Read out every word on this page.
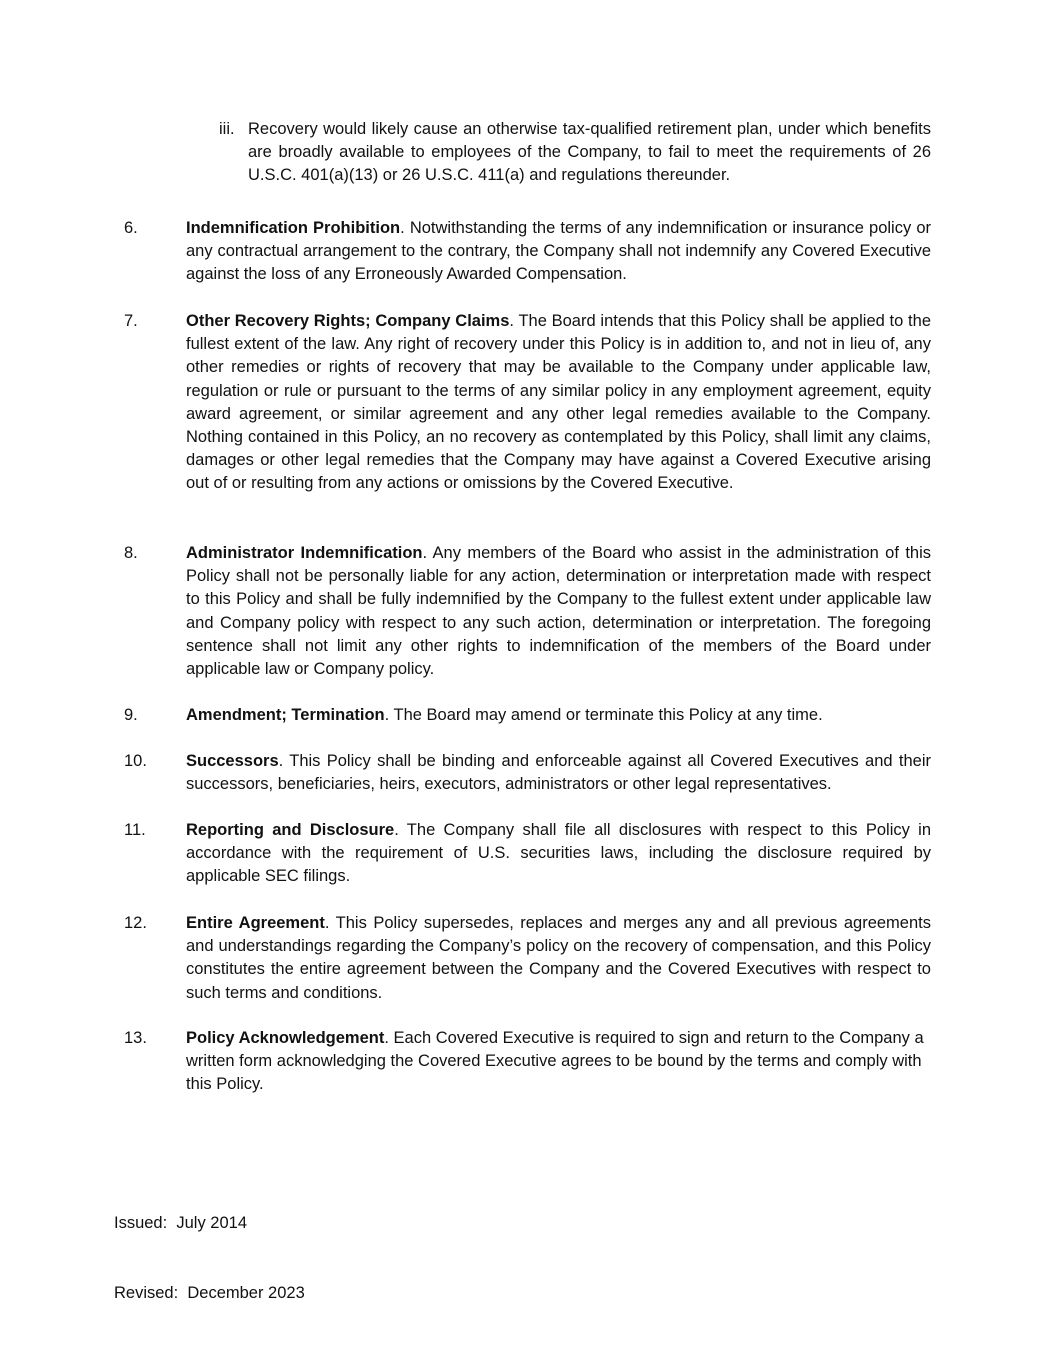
iii. Recovery would likely cause an otherwise tax-qualified retirement plan, under which benefits are broadly available to employees of the Company, to fail to meet the requirements of 26 U.S.C. 401(a)(13) or 26 U.S.C. 411(a) and regulations thereunder.
6.	Indemnification Prohibition. Notwithstanding the terms of any indemnification or insurance policy or any contractual arrangement to the contrary, the Company shall not indemnify any Covered Executive against the loss of any Erroneously Awarded Compensation.
7.	Other Recovery Rights; Company Claims. The Board intends that this Policy shall be applied to the fullest extent of the law. Any right of recovery under this Policy is in addition to, and not in lieu of, any other remedies or rights of recovery that may be available to the Company under applicable law, regulation or rule or pursuant to the terms of any similar policy in any employment agreement, equity award agreement, or similar agreement and any other legal remedies available to the Company. Nothing contained in this Policy, an no recovery as contemplated by this Policy, shall limit any claims, damages or other legal remedies that the Company may have against a Covered Executive arising out of or resulting from any actions or omissions by the Covered Executive.
8.	Administrator Indemnification. Any members of the Board who assist in the administration of this Policy shall not be personally liable for any action, determination or interpretation made with respect to this Policy and shall be fully indemnified by the Company to the fullest extent under applicable law and Company policy with respect to any such action, determination or interpretation. The foregoing sentence shall not limit any other rights to indemnification of the members of the Board under applicable law or Company policy.
9.	Amendment; Termination. The Board may amend or terminate this Policy at any time.
10.	Successors. This Policy shall be binding and enforceable against all Covered Executives and their successors, beneficiaries, heirs, executors, administrators or other legal representatives.
11.	Reporting and Disclosure. The Company shall file all disclosures with respect to this Policy in accordance with the requirement of U.S. securities laws, including the disclosure required by applicable SEC filings.
12.	Entire Agreement. This Policy supersedes, replaces and merges any and all previous agreements and understandings regarding the Company’s policy on the recovery of compensation, and this Policy constitutes the entire agreement between the Company and the Covered Executives with respect to such terms and conditions.
13.	Policy Acknowledgement. Each Covered Executive is required to sign and return to the Company a written form acknowledging the Covered Executive agrees to be bound by the terms and comply with this Policy.

Issued:  July 2014

Revised:  December 2023
